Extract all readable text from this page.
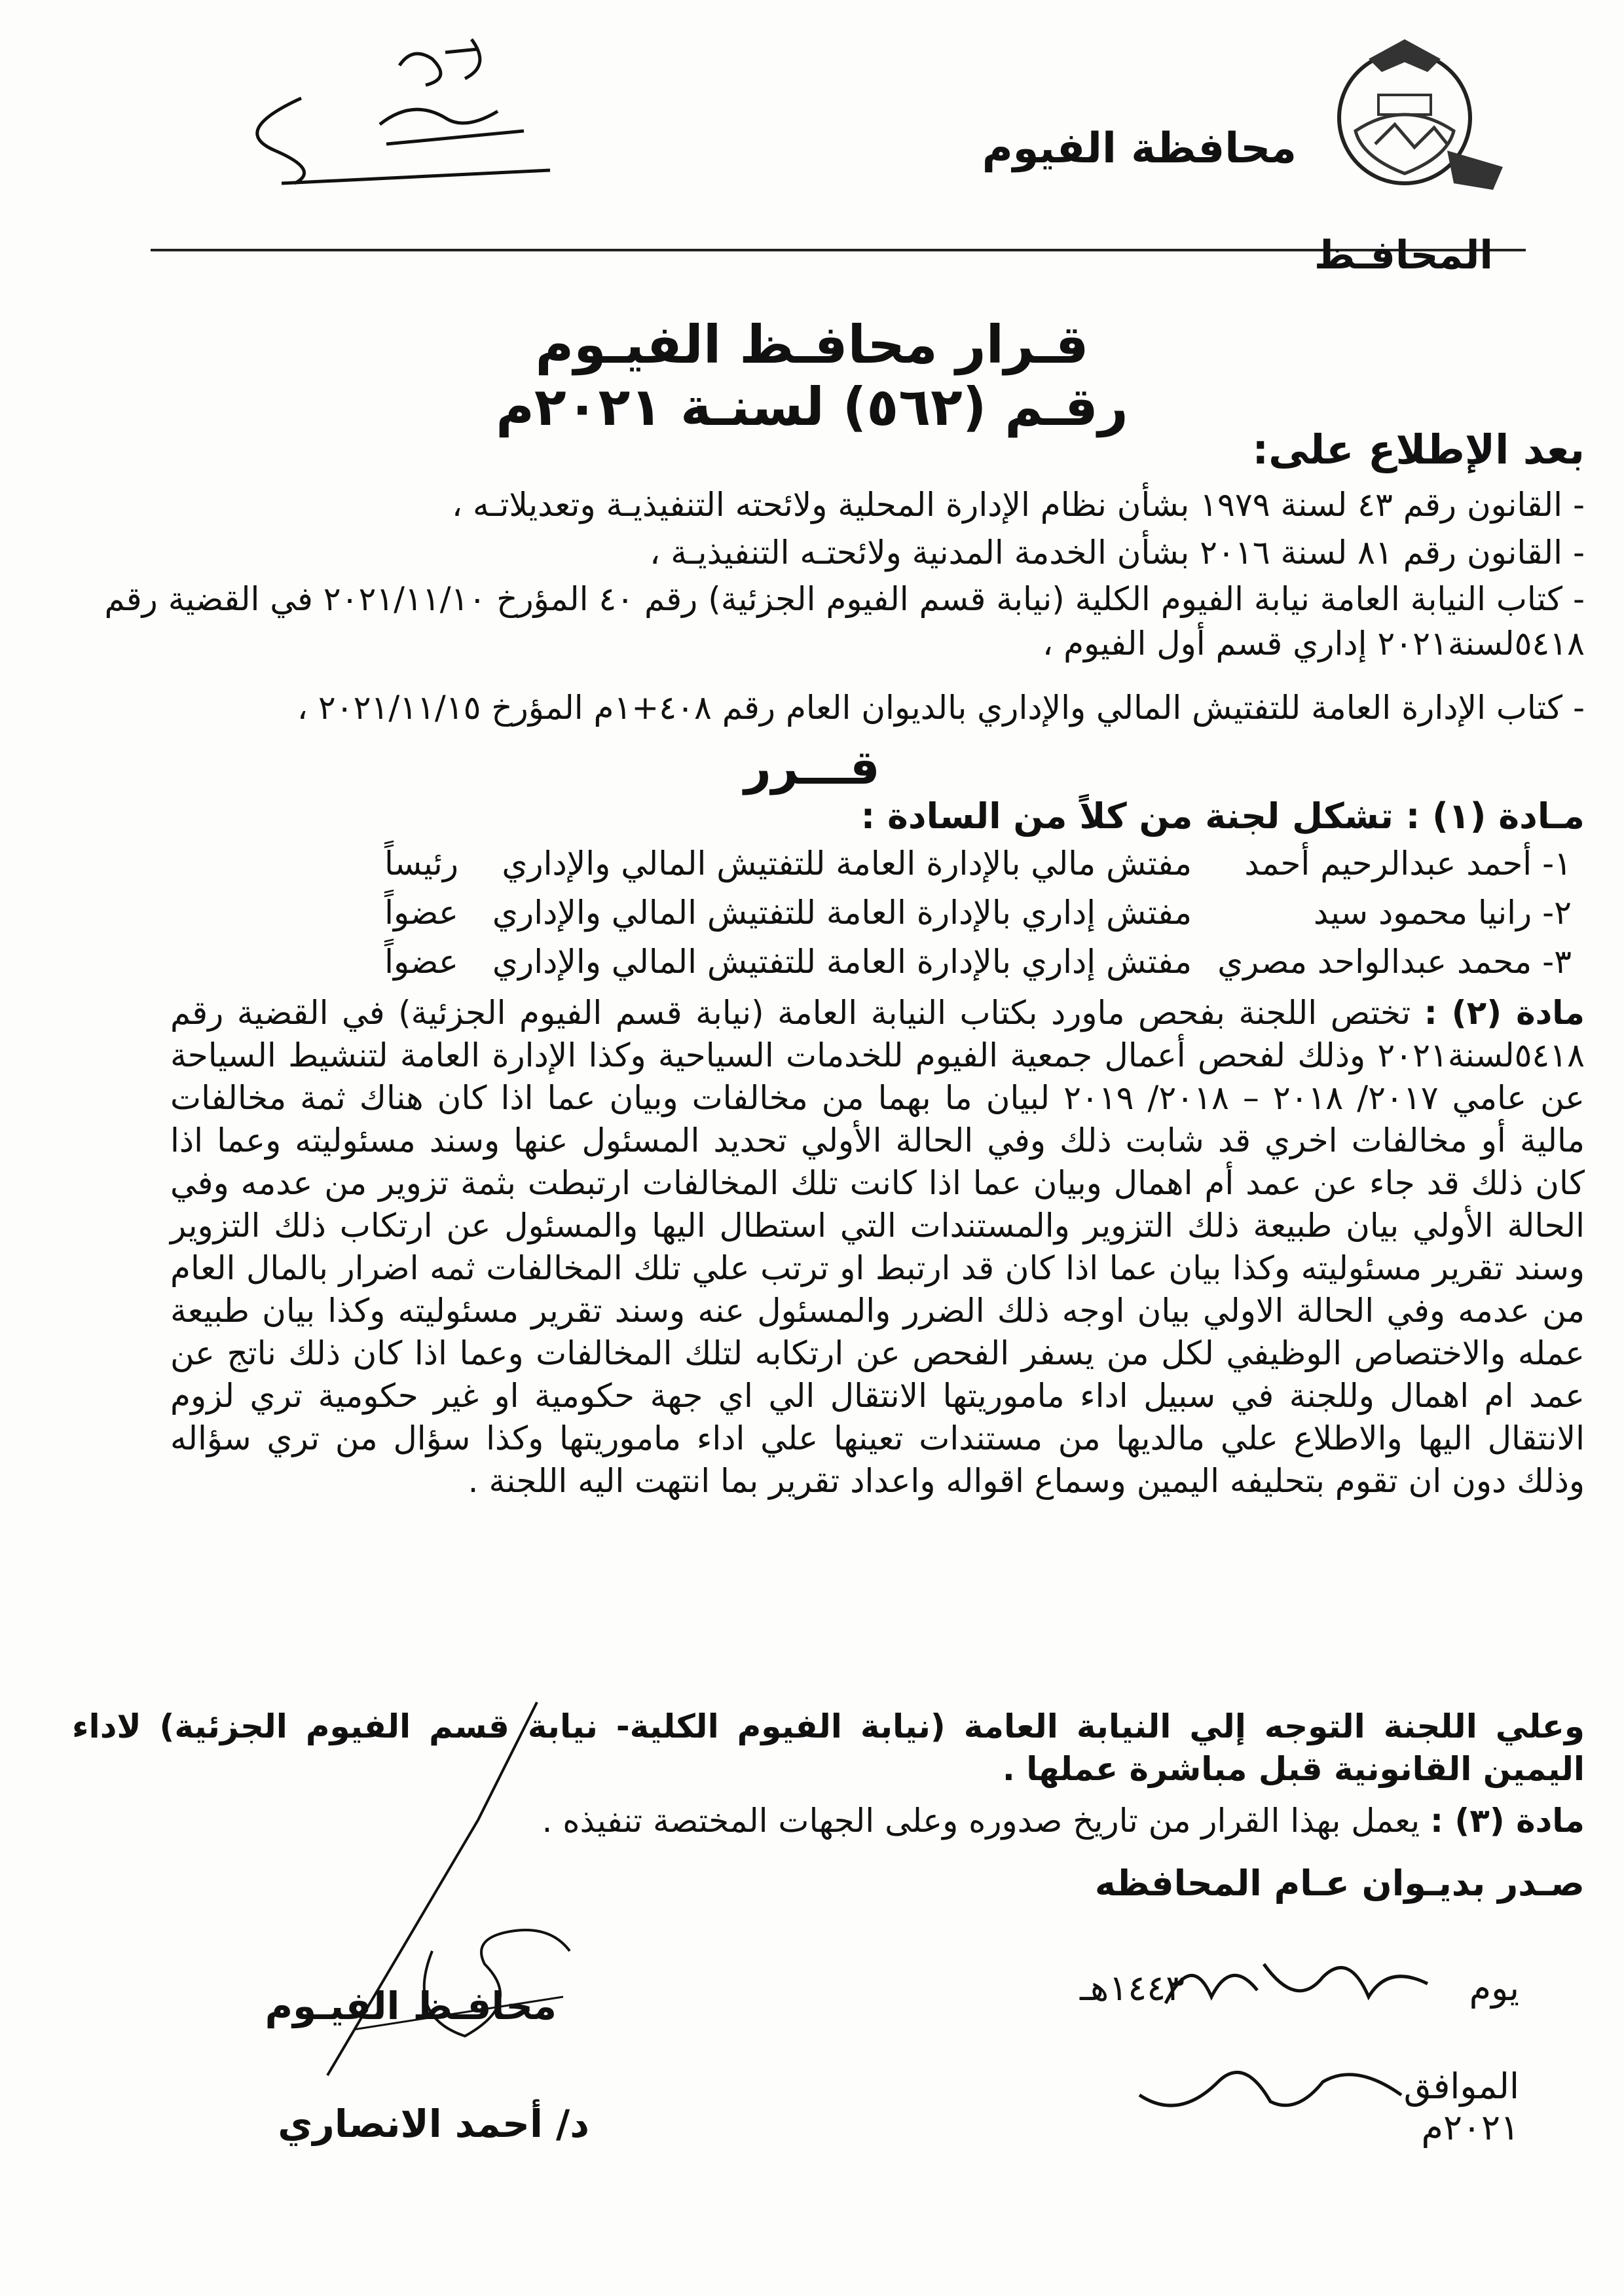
محافظة الفيوم
المحافـظ
قـرار محافـظ الفيـوم
رقـم (٥٦٢) لسنـة ٢٠٢١م
بعد الإطلاع على:
- القانون رقم ٤٣ لسنة ١٩٧٩ بشأن نظام الإدارة المحلية ولائحته التنفيذيـة وتعديلاتـه ،
- القانون رقم ٨١ لسنة ٢٠١٦ بشأن الخدمة المدنية ولائحتـه التنفيذيـة ،
- كتاب النيابة العامة نيابة الفيوم الكلية (نيابة قسم الفيوم الجزئية) رقم ٤٠ المؤرخ ٢٠٢١/١١/١٠ في القضية رقم ٥٤١٨لسنة٢٠٢١ إداري قسم أول الفيوم ،
- كتاب الإدارة العامة للتفتيش المالي والإداري بالديوان العام رقم ٤٠٨+١م المؤرخ ٢٠٢١/١١/١٥ ،
قـــرر
مـادة (١) : تشكل لجنة من كلاً من السادة :
١- أحمد عبدالرحيم أحمدمفتش مالي بالإدارة العامة للتفتيش المالي والإداريرئيساً
٢- رانيا محمود سيدمفتش إداري بالإدارة العامة للتفتيش المالي والإداريعضواً
٣- محمد عبدالواحد مصريمفتش إداري بالإدارة العامة للتفتيش المالي والإداريعضواً
مادة (٢) : تختص اللجنة بفحص ماورد بكتاب النيابة العامة (نيابة قسم الفيوم الجزئية) في القضية رقم ٥٤١٨لسنة٢٠٢١ وذلك لفحص أعمال جمعية الفيوم للخدمات السياحية وكذا الإدارة العامة لتنشيط السياحة عن عامي ٢٠١٧/ ٢٠١٨ – ٢٠١٨/ ٢٠١٩ لبيان ما بهما من مخالفات وبيان عما اذا كان هناك ثمة مخالفات مالية أو مخالفات اخري قد شابت ذلك وفي الحالة الأولي تحديد المسئول عنها وسند مسئوليته وعما اذا كان ذلك قد جاء عن عمد أم اهمال وبيان عما اذا كانت تلك المخالفات ارتبطت بثمة تزوير من عدمه وفي الحالة الأولي بيان طبيعة ذلك التزوير والمستندات التي استطال اليها والمسئول عن ارتكاب ذلك التزوير وسند تقرير مسئوليته وكذا بيان عما اذا كان قد ارتبط او ترتب علي تلك المخالفات ثمه اضرار بالمال العام من عدمه وفي الحالة الاولي بيان اوجه ذلك الضرر والمسئول عنه وسند تقرير مسئوليته وكذا بيان طبيعة عمله والاختصاص الوظيفي لكل من يسفر الفحص عن ارتكابه لتلك المخالفات وعما اذا كان ذلك ناتج عن عمد ام اهمال وللجنة في سبيل اداء ماموريتها الانتقال الي اي جهة حكومية او غير حكومية تري لزوم الانتقال اليها والاطلاع علي مالديها من مستندات تعينها علي اداء ماموريتها وكذا سؤال من تري سؤاله وذلك دون ان تقوم بتحليفه اليمين وسماع اقواله واعداد تقرير بما انتهت اليه اللجنة .
وعلي اللجنة التوجه إلي النيابة العامة (نيابة الفيوم الكلية- نيابة قسم الفيوم الجزئية) لاداء اليمين القانونية قبل مباشرة عملها .
مادة (٣) : يعمل بهذا القرار من تاريخ صدوره وعلى الجهات المختصة تنفيذه .
صـدر بديـوان عـام المحافظه
يوم  ١٤٤٣هـ
الموافق  ٢٠٢١م
محافـظ الفيـوم
د/ أحمد الانصاري
